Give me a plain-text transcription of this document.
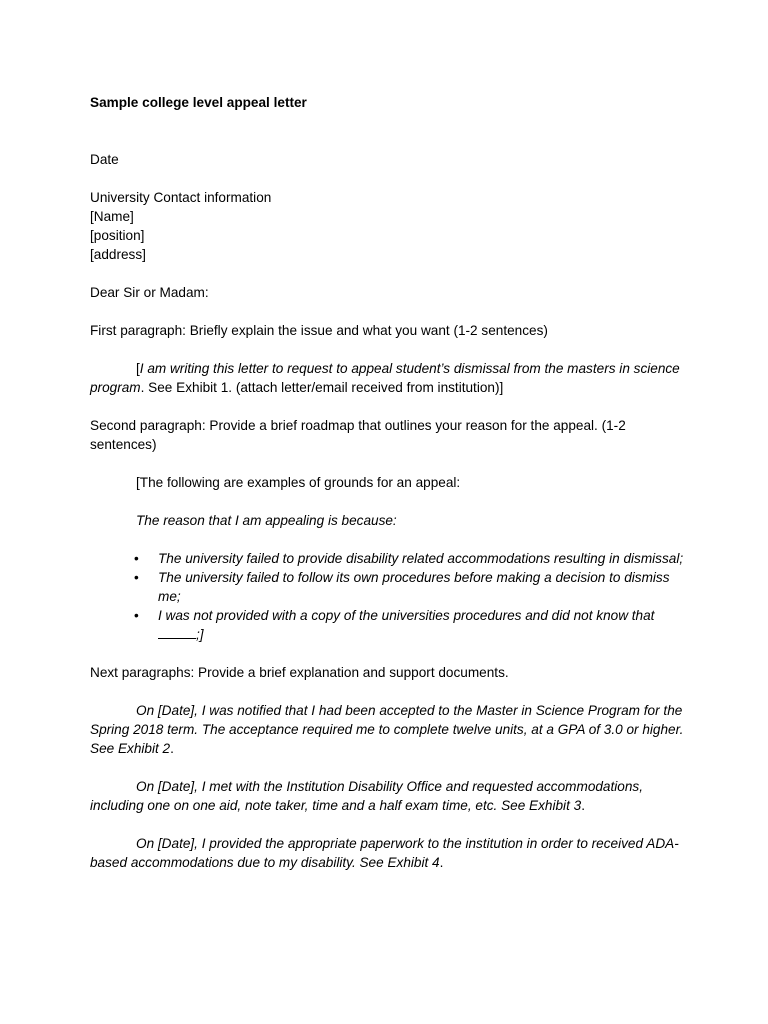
Sample college level appeal letter

Date

University Contact information

[Name]

[position]

[address]

Dear Sir or Madam:

First paragraph: Briefly explain the issue and what you want (1-2 sentences)

[I am writing this letter to request to appeal student’s dismissal from the masters in science program. See Exhibit 1. (attach letter/email received from institution)]

Second paragraph: Provide a brief roadmap that outlines your reason for the appeal. (1-2 sentences)

[The following are examples of grounds for an appeal:

The reason that I am appealing is because:

• The university failed to provide disability related accommodations resulting in dismissal;
• The university failed to follow its own procedures before making a decision to dismiss me;
• I was not provided with a copy of the universities procedures and did not know that ;]

Next paragraphs: Provide a brief explanation and support documents.

On [Date], I was notified that I had been accepted to the Master in Science Program for the Spring 2018 term. The acceptance required me to complete twelve units, at a GPA of 3.0 or higher. See Exhibit 2.

On [Date], I met with the Institution Disability Office and requested accommodations, including one on one aid, note taker, time and a half exam time, etc. See Exhibit 3.

On [Date], I provided the appropriate paperwork to the institution in order to received ADA-based accommodations due to my disability. See Exhibit 4.
